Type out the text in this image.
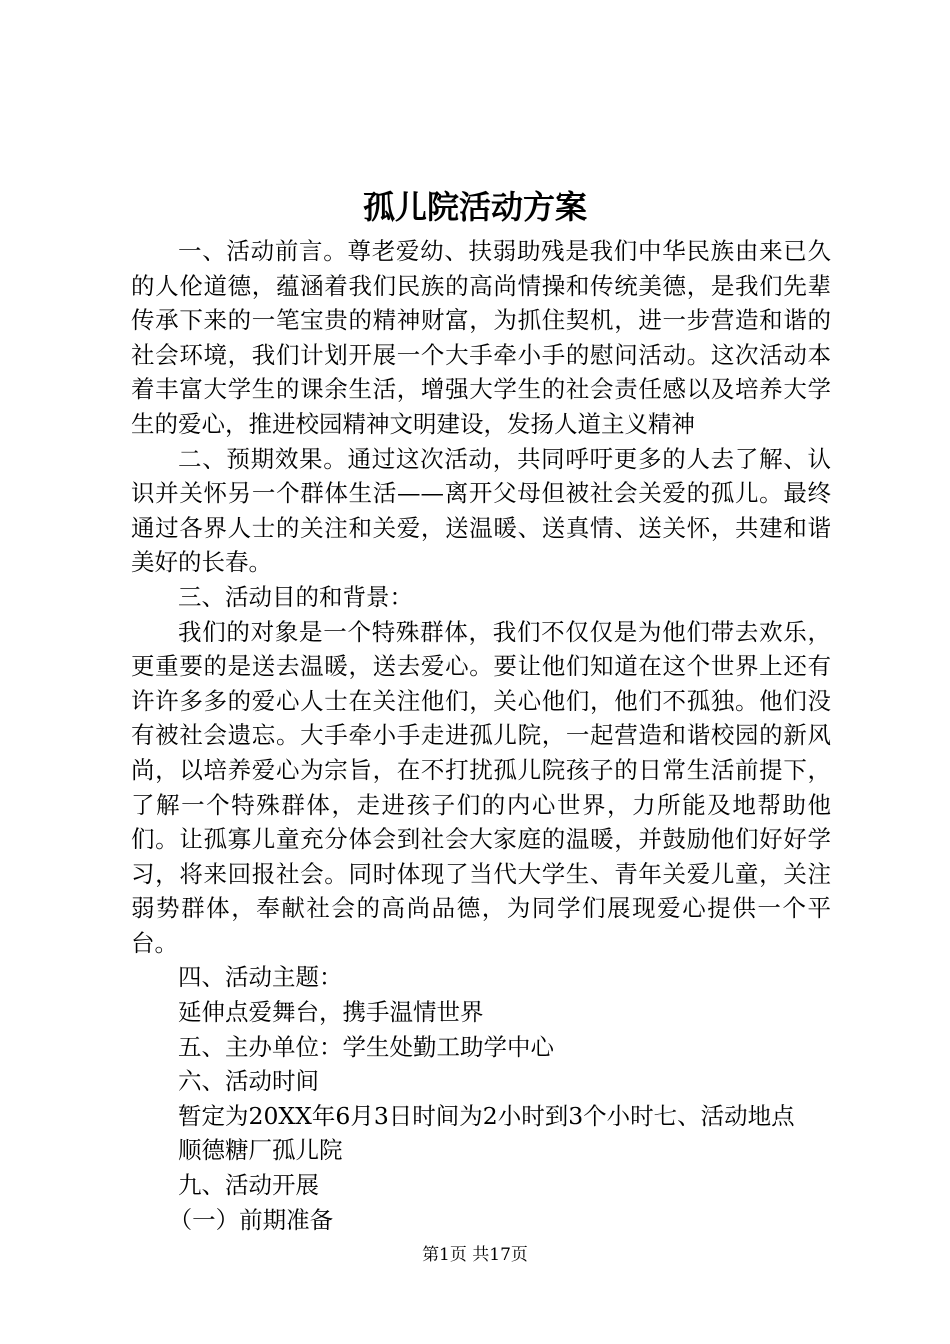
孤儿院活动方案

一、活动前言。尊老爱幼、扶弱助残是我们中华民族由来已久的人伦道德，蕴涵着我们民族的高尚情操和传统美德，是我们先辈传承下来的一笔宝贵的精神财富，为抓住契机，进一步营造和谐的社会环境，我们计划开展一个大手牵小手的慰问活动。这次活动本着丰富大学生的课余生活，增强大学生的社会责任感以及培养大学生的爱心，推进校园精神文明建设，发扬人道主义精神

二、预期效果。通过这次活动，共同呼吁更多的人去了解、认识并关怀另一个群体生活——离开父母但被社会关爱的孤儿。最终通过各界人士的关注和关爱，送温暖、送真情、送关怀，共建和谐美好的长春。

三、活动目的和背景：

我们的对象是一个特殊群体，我们不仅仅是为他们带去欢乐，更重要的是送去温暖，送去爱心。要让他们知道在这个世界上还有许许多多的爱心人士在关注他们，关心他们，他们不孤独。他们没有被社会遗忘。大手牵小手走进孤儿院，一起营造和谐校园的新风尚，以培养爱心为宗旨，在不打扰孤儿院孩子的日常生活前提下，了解一个特殊群体，走进孩子们的内心世界，力所能及地帮助他们。让孤寡儿童充分体会到社会大家庭的温暖，并鼓励他们好好学习，将来回报社会。同时体现了当代大学生、青年关爱儿童，关注弱势群体，奉献社会的高尚品德，为同学们展现爱心提供一个平台。

四、活动主题：

延伸点爱舞台，携手温情世界

五、主办单位：学生处勤工助学中心

六、活动时间

暂定为20XX年6月3日时间为2小时到3个小时七、活动地点

顺德糖厂孤儿院

九、活动开展

（一）前期准备

第1页 共17页
